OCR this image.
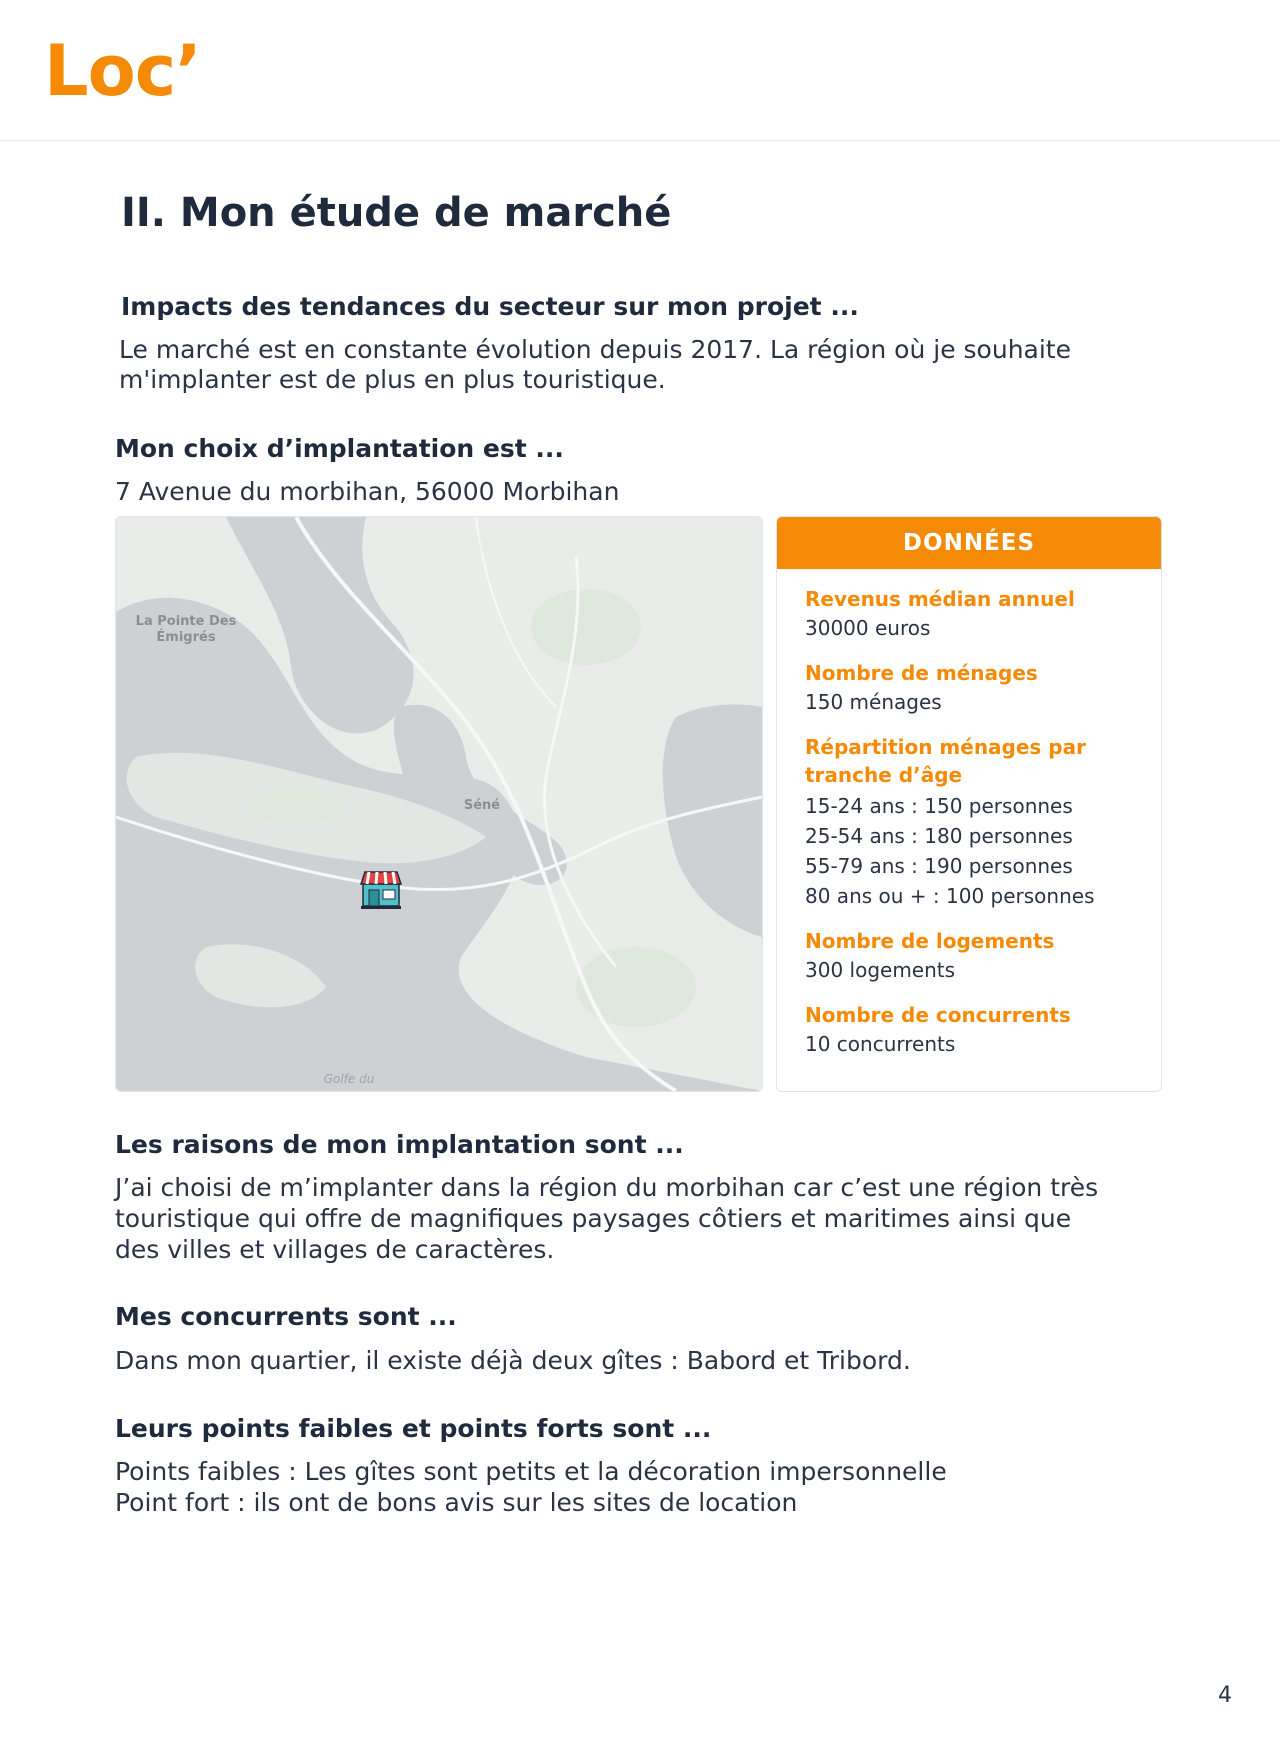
Loc’
II. Mon étude de marché
Impacts des tendances du secteur sur mon projet ...

Le marché est en constante évolution depuis 2017. La région où je souhaite

m'implanter est de plus en plus touristique.

Mon choix d’implantation est ...

7 Avenue du morbihan, 56000 Morbihan

La Pointe Des
Émigrés
Séné
Golfe du
DONNÉES

Revenus médian annuel

30000 euros

Nombre de ménages

150 ménages

Répartition ménages par

tranche d’âge

15-24 ans : 150 personnes

25-54 ans : 180 personnes

55-79 ans : 190 personnes

80 ans ou + : 100 personnes

Nombre de logements

300 logements

Nombre de concurrents

10 concurrents

Les raisons de mon implantation sont ...

J’ai choisi de m’implanter dans la région du morbihan car c’est une région très

touristique qui offre de magnifiques paysages côtiers et maritimes ainsi que

des villes et villages de caractères.

Mes concurrents sont ...

Dans mon quartier, il existe déjà deux gîtes : Babord et Tribord.

Leurs points faibles et points forts sont ...

Points faibles : Les gîtes sont petits et la décoration impersonnelle

Point fort : ils ont de bons avis sur les sites de location

4
